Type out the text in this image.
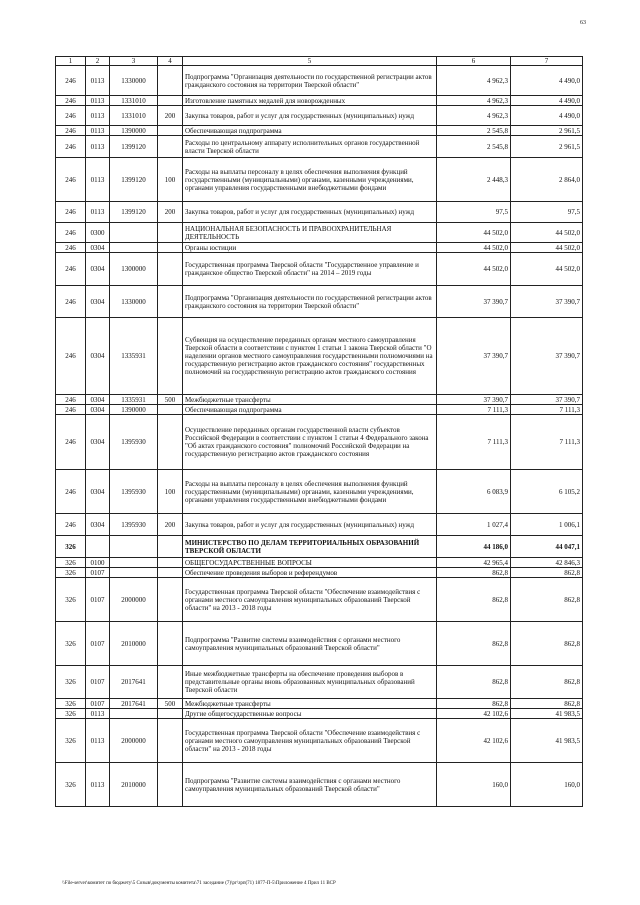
63
1	2	3	4	5	6	7
246	0113	1330000		Подпрограмма "Организация деятельности по государственной регистрации актов гражданского состояния на территории Тверской области"	4 962,3	4 490,0
246	0113	1331010		Изготовление памятных медалей для новорожденных	4 962,3	4 490,0
246	0113	1331010	200	Закупка товаров, работ и услуг для государственных (муниципальных) нужд	4 962,3	4 490,0
246	0113	1390000		Обеспечивающая подпрограмма	2 545,8	2 961,5
246	0113	1399120		Расходы по центральному аппарату исполнительных органов государственной власти Тверской области	2 545,8	2 961,5
246	0113	1399120	100	Расходы на выплаты персоналу в целях обеспечения выполнения функций государственными (муниципальными) органами, казенными учреждениями, органами управления государственными внебюджетными фондами	2 448,3	2 864,0
246	0113	1399120	200	Закупка товаров, работ и услуг для государственных (муниципальных) нужд	97,5	97,5
246	0300			НАЦИОНАЛЬНАЯ БЕЗОПАСНОСТЬ И ПРАВООХРАНИТЕЛЬНАЯ ДЕЯТЕЛЬНОСТЬ	44 502,0	44 502,0
246	0304			Органы юстиции	44 502,0	44 502,0
246	0304	1300000		Государственная программа Тверской области "Государственное управление и гражданское общество Тверской области" на 2014 – 2019 годы	44 502,0	44 502,0
246	0304	1330000		Подпрограмма "Организация деятельности по государственной регистрации актов гражданского состояния на территории Тверской области"	37 390,7	37 390,7
246	0304	1335931		Субвенция на осуществление переданных органам местного самоуправления Тверской области в соответствии с пунктом 1 статьи 1 закона Тверской области "О наделении органов местного самоуправления государственными полномочиями на государственную регистрацию актов гражданского состояния" государственных полномочий на государственную регистрацию актов гражданского состояния	37 390,7	37 390,7
246	0304	1335931	500	Межбюджетные трансферты	37 390,7	37 390,7
246	0304	1390000		Обеспечивающая подпрограмма	7 111,3	7 111,3
246	0304	1395930		Осуществление переданных органам государственной власти субъектов Российской Федерации в соответствии с пунктом 1 статьи 4 Федерального закона "Об актах гражданского состояния" полномочий Российской Федерации на государственную регистрацию актов гражданского состояния	7 111,3	7 111,3
246	0304	1395930	100	Расходы на выплаты персоналу в целях обеспечения выполнения функций государственными (муниципальными) органами, казенными учреждениями, органами управления государственными внебюджетными фондами	6 083,9	6 105,2
246	0304	1395930	200	Закупка товаров, работ и услуг для государственных (муниципальных) нужд	1 027,4	1 006,1
326				МИНИСТЕРСТВО ПО ДЕЛАМ ТЕРРИТОРИАЛЬНЫХ ОБРАЗОВАНИЙ ТВЕРСКОЙ ОБЛАСТИ	44 186,0	44 047,1
326	0100			ОБЩЕГОСУДАРСТВЕННЫЕ ВОПРОСЫ	42 965,4	42 846,3
326	0107			Обеспечение проведения выборов и референдумов	862,8	862,8
326	0107	2000000		Государственная программа Тверской области "Обеспечение взаимодействия с органами местного самоуправления муниципальных образований Тверской области" на 2013 - 2018 годы	862,8	862,8
326	0107	2010000		Подпрограмма "Развитие системы взаимодействия с органами местного самоуправления муниципальных образований Тверской области"	862,8	862,8
326	0107	2017641		Иные межбюджетные трансферты на обеспечение проведения выборов в представительные органы вновь образованных муниципальных образований Тверской области	862,8	862,8
326	0107	2017641	500	Межбюджетные трансферты	862,8	862,8
326	0113			Другие общегосударственные вопросы	42 102,6	41 983,5
326	0113	2000000		Государственная программа Тверской области "Обеспечение взаимодействия с органами местного самоуправления муниципальных образований Тверской области" на 2013 - 2018 годы	42 102,6	41 983,5
326	0113	2010000		Подпрограмма "Развитие системы взаимодействия с органами местного самоуправления муниципальных образований Тверской области"	160,0	160,0
\\File-server\комитет по бюджету\5 Созыв\документы комитета\71 заседание (7)\рг\зрп(71) 1877-П-5\Приложение 4 Прил 11 ВСР
